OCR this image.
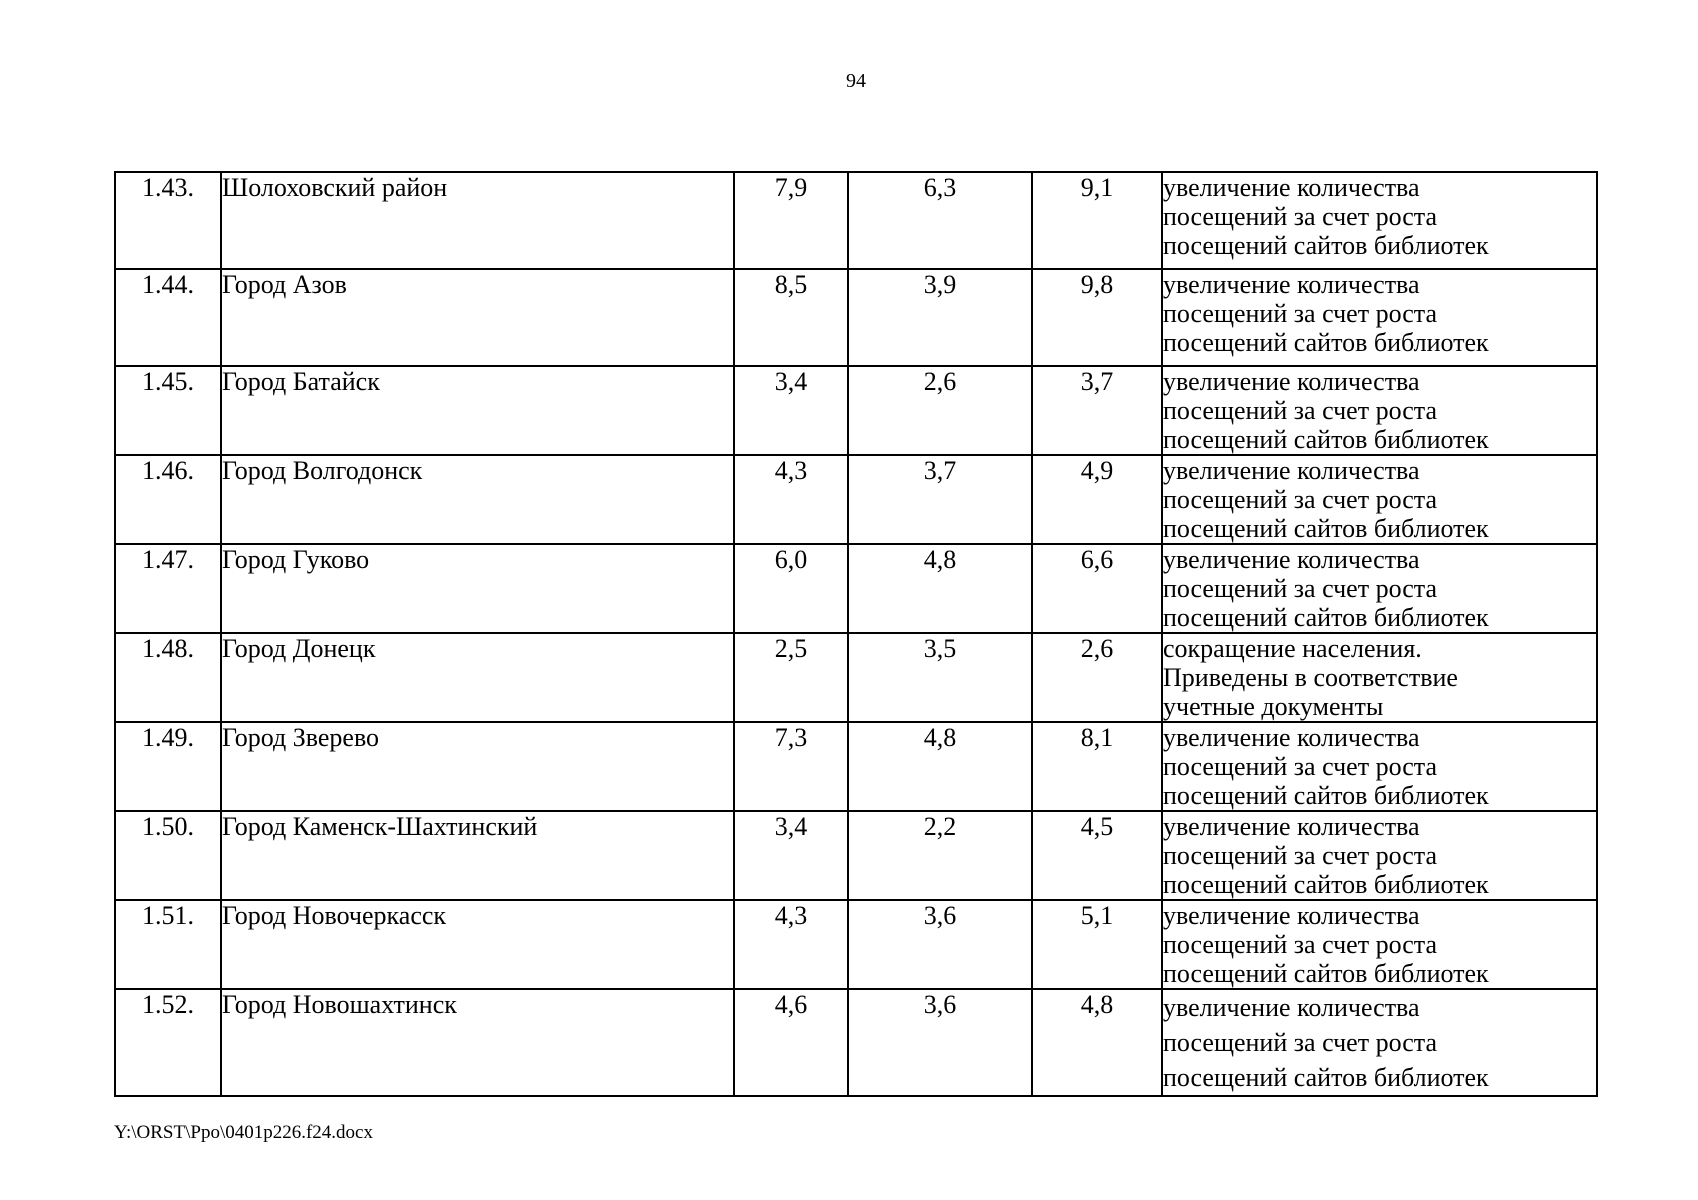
94
1.43.	Шолоховский район	7,9	6,3	9,1	увеличение количества
посещений за счет роста
посещений сайтов библиотек

1.44.	Город Азов	8,5	3,9	9,8	увеличение количества
посещений за счет роста
посещений сайтов библиотек

1.45.	Город Батайск	3,4	2,6	3,7	увеличение количества
посещений за счет роста
посещений сайтов библиотек

1.46.	Город Волгодонск	4,3	3,7	4,9	увеличение количества
посещений за счет роста
посещений сайтов библиотек

1.47.	Город Гуково	6,0	4,8	6,6	увеличение количества
посещений за счет роста
посещений сайтов библиотек

1.48.	Город Донецк	2,5	3,5	2,6	сокращение населения.
Приведены в соответствие
учетные документы

1.49.	Город Зверево	7,3	4,8	8,1	увеличение количества
посещений за счет роста
посещений сайтов библиотек

1.50.	Город Каменск-Шахтинский	3,4	2,2	4,5	увеличение количества
посещений за счет роста
посещений сайтов библиотек

1.51.	Город Новочеркасск	4,3	3,6	5,1	увеличение количества
посещений за счет роста
посещений сайтов библиотек

1.52.	Город Новошахтинск	4,6	3,6	4,8	увеличение количества
посещений за счет роста
посещений сайтов библиотек
Y:\ORST\Ppo\0401p226.f24.docx
